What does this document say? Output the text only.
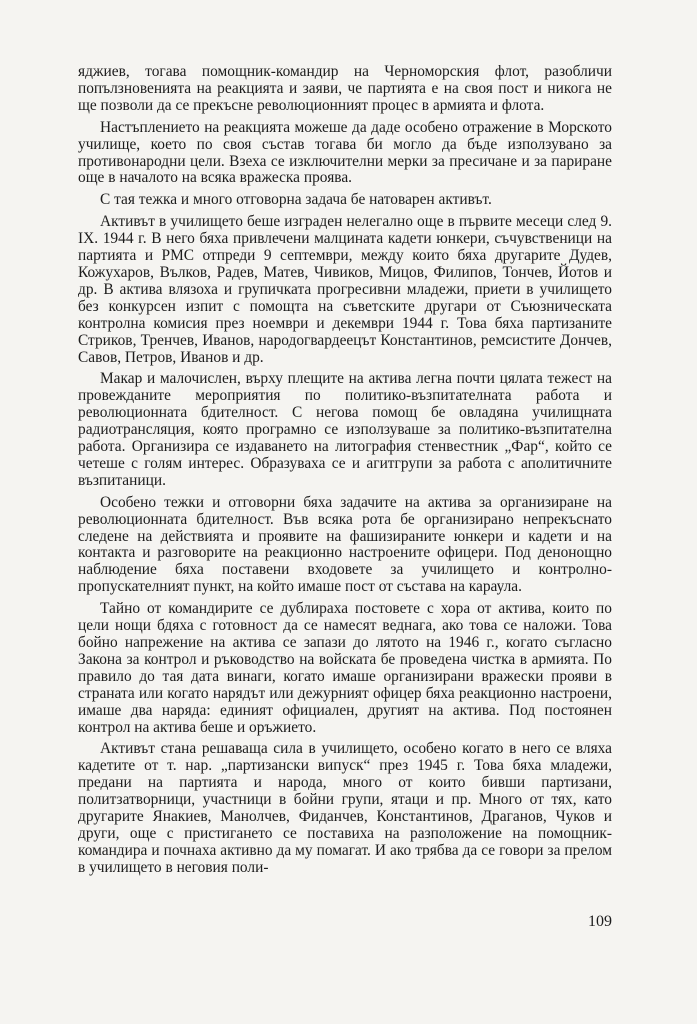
яджиев, тогава помощник-командир на Черноморския флот, разобличи попълзновенията на реакцията и заяви, че партията е на своя пост и никога не ще позволи да се прекъсне революционният процес в армията и флота.

Настъплението на реакцията можеше да даде особено отражение в Морското училище, което по своя състав тогава би могло да бъде използувано за противонародни цели. Взеха се изключителни мерки за пресичане и за париране още в началото на всяка вражеска проява.

С тая тежка и много отговорна задача бе натоварен активът.

Активът в училището беше изграден нелегално още в първите месеци след 9. IX. 1944 г. В него бяха привлечени малцината кадети юнкери, съчувственици на партията и РМС отпреди 9 септември, между които бяха другарите Дудев, Кожухаров, Вълков, Радев, Матев, Чивиков, Мицов, Филипов, Тончев, Йотов и др. В актива влязоха и групичката прогресивни младежи, приети в училището без конкурсен изпит с помощта на съветските другари от Съюзническата контролна комисия през ноември и декември 1944 г. Това бяха партизаните Стриков, Тренчев, Иванов, народогвардеецът Константинов, ремсистите Дончев, Савов, Петров, Иванов и др.

Макар и малочислен, върху плещите на актива легна почти цялата тежест на провежданите мероприятия по политико-възпитателната работа и революционната бдителност. С негова помощ бе овладяна училищната радиотрансляция, която програмно се използуваше за политико-възпитателна работа. Организира се издаването на литография стенвестник „Фар“, който се четеше с голям интерес. Образуваха се и агитгрупи за работа с аполитичните възпитаници.

Особено тежки и отговорни бяха задачите на актива за организиране на революционната бдителност. Във всяка рота бе организирано непрекъснато следене на действията и проявите на фашизираните юнкери и кадети и на контакта и разговорите на реакционно настроените офицери. Под денонощно наблюдение бяха поставени входовете за училището и контролно-пропускателният пункт, на който имаше пост от състава на караула.

Тайно от командирите се дублираха постовете с хора от актива, които по цели нощи бдяха с готовност да се намесят веднага, ако това се наложи. Това бойно напрежение на актива се запази до лятото на 1946 г., когато съгласно Закона за контрол и ръководство на войската бе проведена чистка в армията. По правило до тая дата винаги, когато имаше организирани вражески прояви в страната или когато нарядът или дежурният офицер бяха реакционно настроени, имаше два наряда: единият официален, другият на актива. Под постоянен контрол на актива беше и оръжието.

Активът стана решаваща сила в училището, особено когато в него се вляха кадетите от т. нар. „партизански випуск“ през 1945 г. Това бяха младежи, предани на партията и народа, много от които бивши партизани, политзатворници, участници в бойни групи, ятаци и пр. Много от тях, като другарите Янакиев, Манолчев, Фиданчев, Константинов, Драганов, Чуков и други, още с пристигането се поставиха на разположение на помощник-командира и почнаха активно да му помагат. И ако трябва да се говори за прелом в училището в неговия поли-

109
